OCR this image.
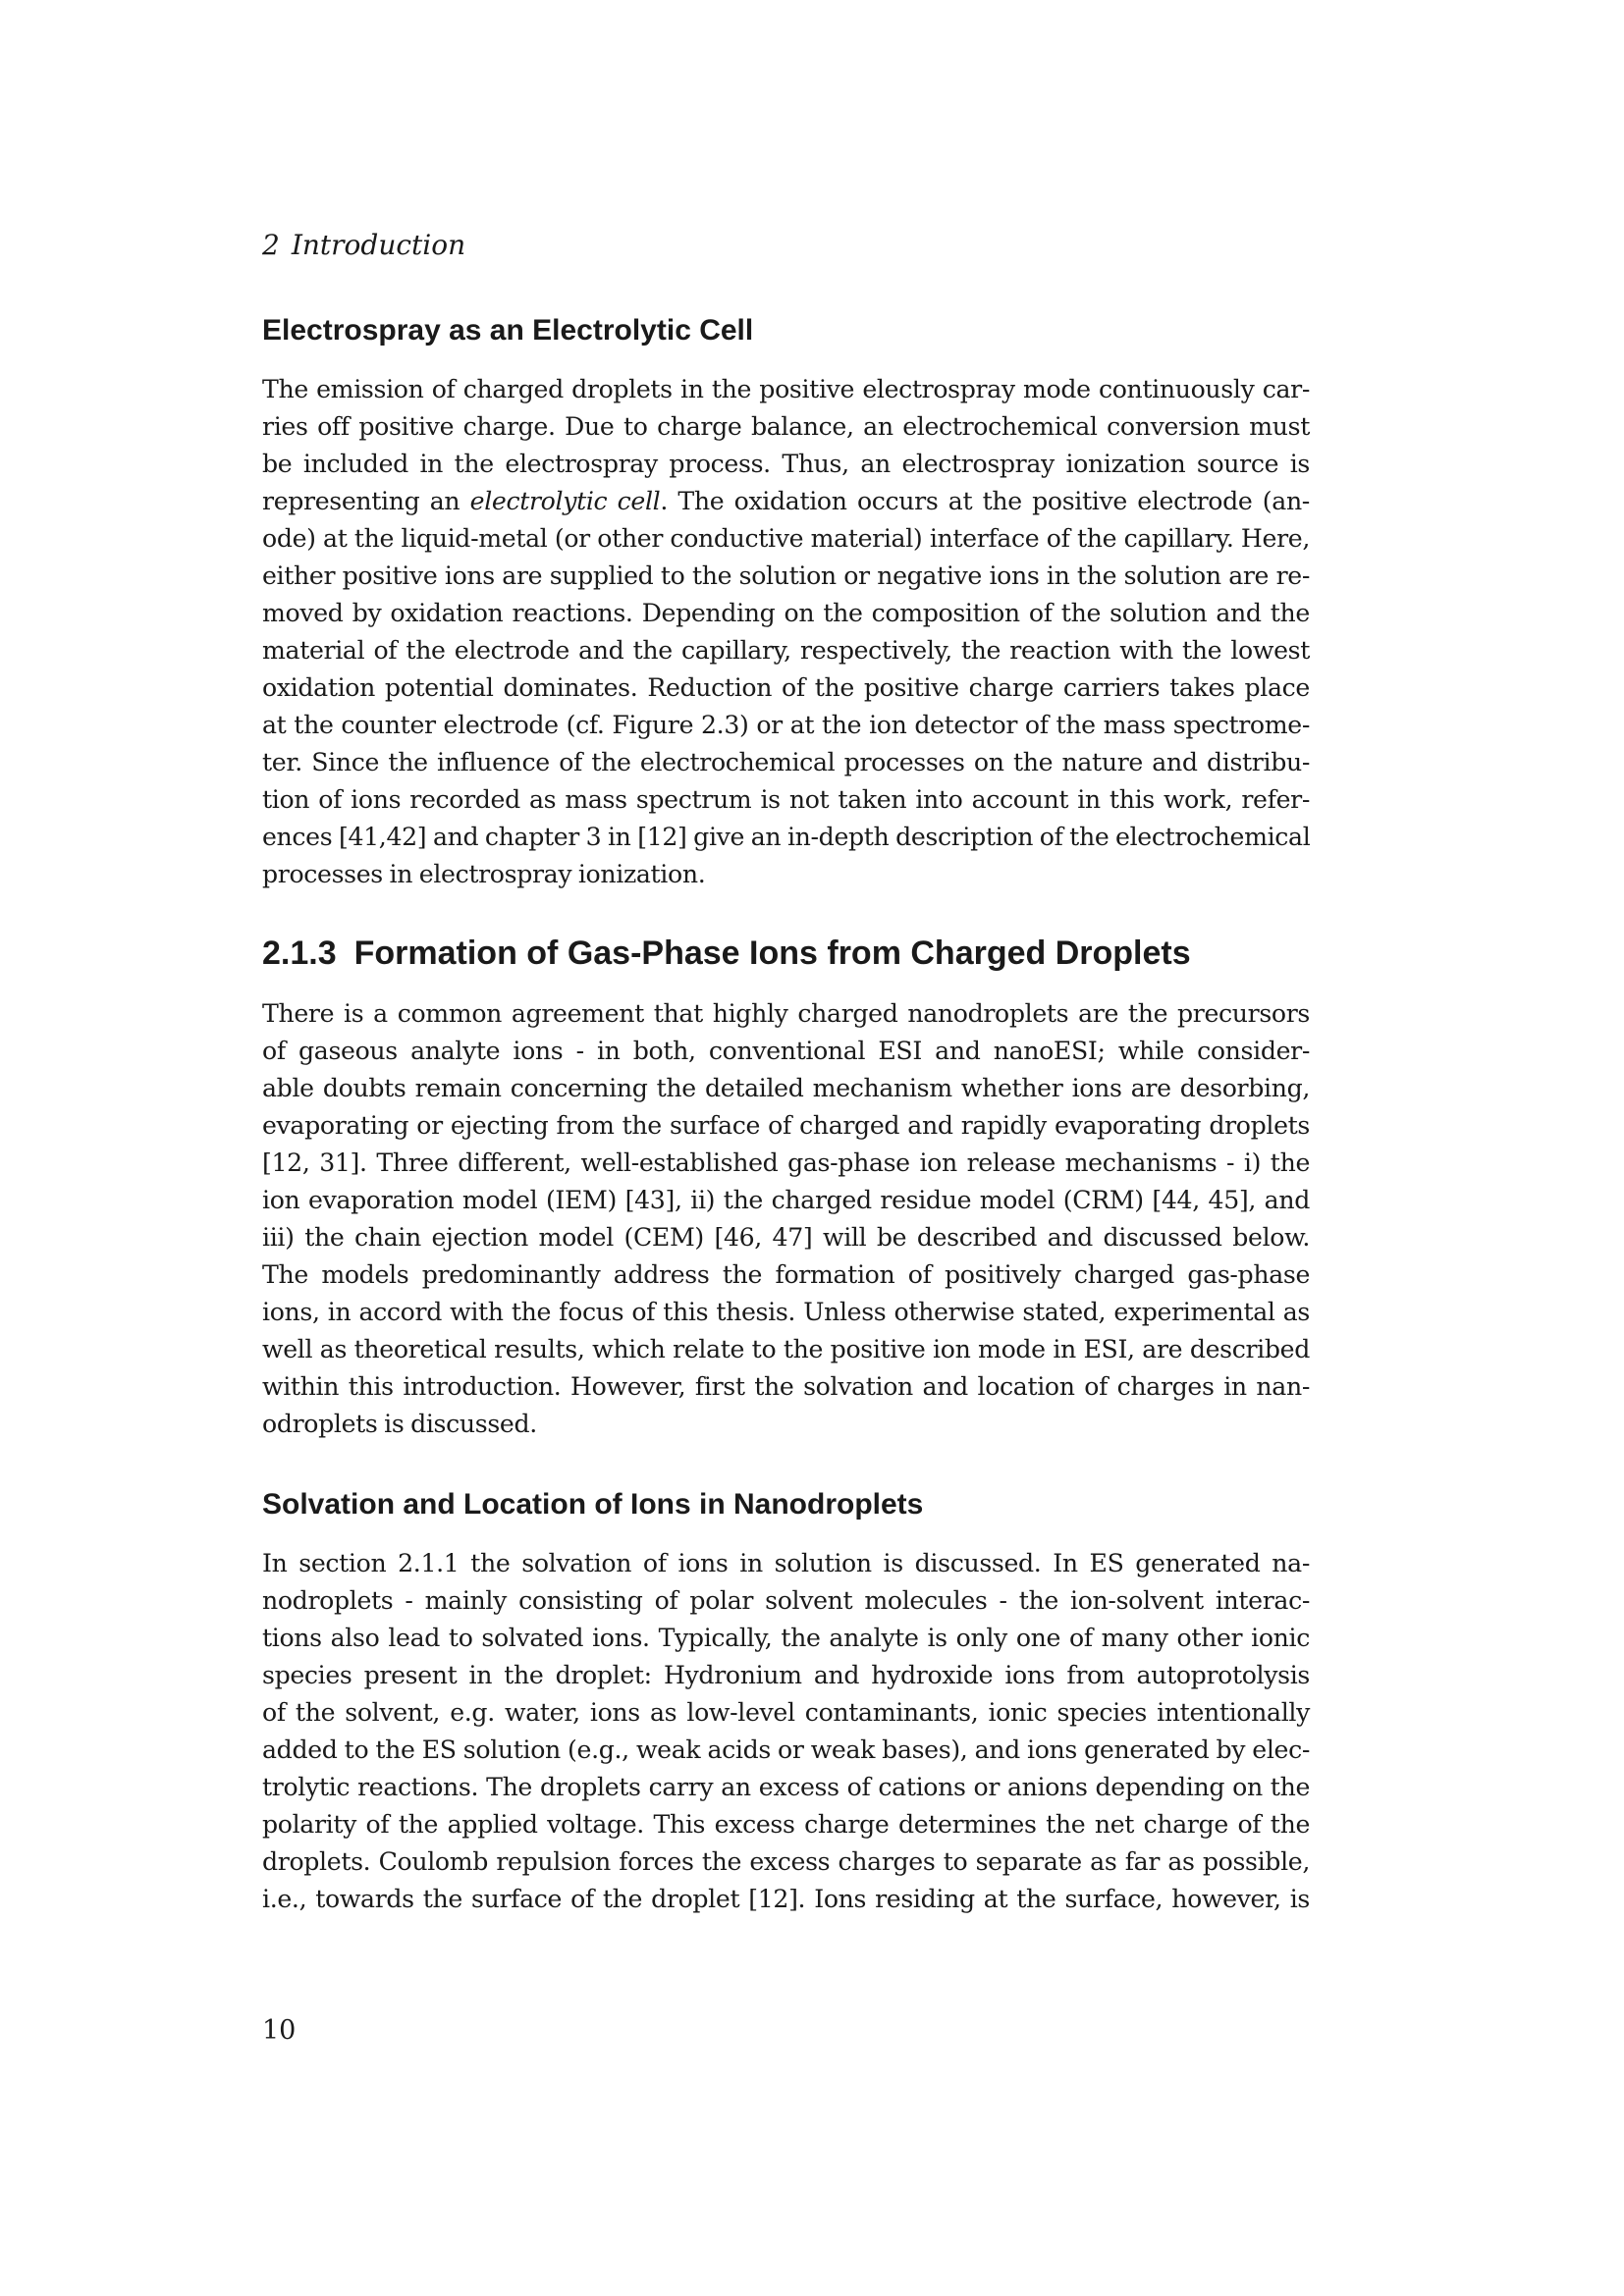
2 Introduction
Electrospray as an Electrolytic Cell

The emission of charged droplets in the positive electrospray mode continuously car-
ries off positive charge. Due to charge balance, an electrochemical conversion must
be included in the electrospray process. Thus, an electrospray ionization source is
representing an electrolytic cell. The oxidation occurs at the positive electrode (an-
ode) at the liquid-metal (or other conductive material) interface of the capillary. Here,
either positive ions are supplied to the solution or negative ions in the solution are re-
moved by oxidation reactions. Depending on the composition of the solution and the
material of the electrode and the capillary, respectively, the reaction with the lowest
oxidation potential dominates. Reduction of the positive charge carriers takes place
at the counter electrode (cf. Figure 2.3) or at the ion detector of the mass spectrome-
ter. Since the influence of the electrochemical processes on the nature and distribu-
tion of ions recorded as mass spectrum is not taken into account in this work, refer-
ences [41,42] and chapter 3 in [12] give an in-depth description of the electrochemical
processes in electrospray ionization.

2.1.3 Formation of Gas-Phase Ions from Charged Droplets

There is a common agreement that highly charged nanodroplets are the precursors
of gaseous analyte ions - in both, conventional ESI and nanoESI; while consider-
able doubts remain concerning the detailed mechanism whether ions are desorbing,
evaporating or ejecting from the surface of charged and rapidly evaporating droplets
[12, 31]. Three different, well-established gas-phase ion release mechanisms - i) the
ion evaporation model (IEM) [43], ii) the charged residue model (CRM) [44, 45], and
iii) the chain ejection model (CEM) [46, 47] will be described and discussed below.
The models predominantly address the formation of positively charged gas-phase
ions, in accord with the focus of this thesis. Unless otherwise stated, experimental as
well as theoretical results, which relate to the positive ion mode in ESI, are described
within this introduction. However, first the solvation and location of charges in nan-
odroplets is discussed.

Solvation and Location of Ions in Nanodroplets

In section 2.1.1 the solvation of ions in solution is discussed. In ES generated na-
nodroplets - mainly consisting of polar solvent molecules - the ion-solvent interac-
tions also lead to solvated ions. Typically, the analyte is only one of many other ionic
species present in the droplet: Hydronium and hydroxide ions from autoprotolysis
of the solvent, e.g. water, ions as low-level contaminants, ionic species intentionally
added to the ES solution (e.g., weak acids or weak bases), and ions generated by elec-
trolytic reactions. The droplets carry an excess of cations or anions depending on the
polarity of the applied voltage. This excess charge determines the net charge of the
droplets. Coulomb repulsion forces the excess charges to separate as far as possible,
i.e., towards the surface of the droplet [12]. Ions residing at the surface, however, is

10
